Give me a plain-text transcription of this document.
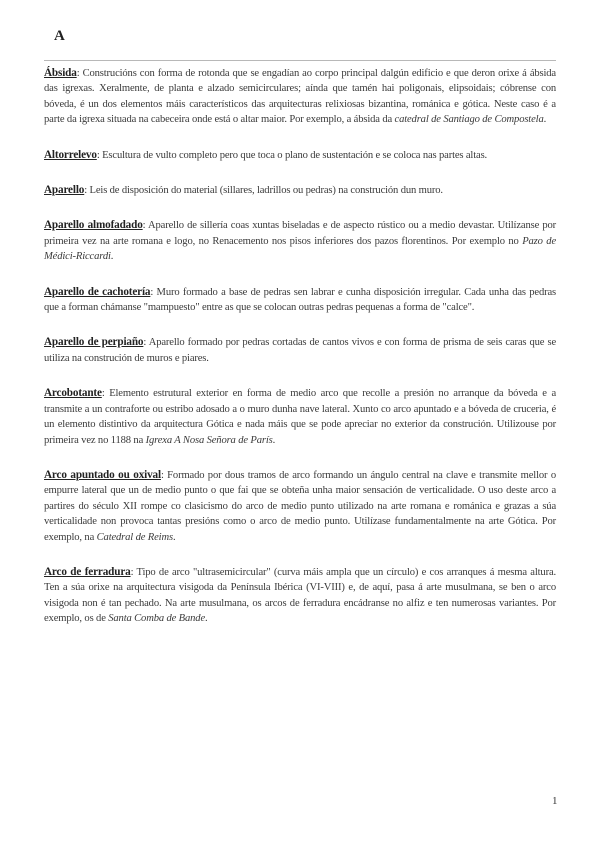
A

Ábsida: Construcións con forma de rotonda que se engadían ao corpo principal dalgún edificio e que deron orixe á ábsida das igrexas. Xeralmente, de planta e alzado semicirculares; aínda que tamén hai poligonais, elipsoidais; cóbrense con bóveda, é un dos elementos máis característicos das arquitecturas relixiosas bizantina, románica e gótica. Neste caso é a parte da igrexa situada na cabeceira onde está o altar maior. Por exemplo, a ábsida da catedral de Santiago de Compostela.

Altorrelevo: Escultura de vulto completo pero que toca o plano de sustentación e se coloca nas partes altas.

Aparello: Leis de disposición do material (sillares, ladrillos ou pedras) na construción dun muro.

Aparello almofadado: Aparello de sillería coas xuntas biseladas e de aspecto rústico ou a medio devastar. Utilízanse por primeira vez na arte romana e logo, no Renacemento nos pisos inferiores dos pazos florentinos. Por exemplo no Pazo de Médici-Riccardi.

Aparello de cachotería: Muro formado a base de pedras sen labrar e cunha disposición irregular. Cada unha das pedras que a forman chámanse "mampuesto" entre as que se colocan outras pedras pequenas a forma de "calce".

Aparello de perpiaño: Aparello formado por pedras cortadas de cantos vivos e con forma de prisma de seis caras que se utiliza na construción de muros e piares.

Arcobotante: Elemento estrutural exterior en forma de medio arco que recolle a presión no arranque da bóveda e a transmite a un contraforte ou estribo adosado a o muro dunha nave lateral. Xunto co arco apuntado e a bóveda de cruceria, é un elemento distintivo da arquitectura Gótica e nada máis que se pode apreciar no exterior da construción. Utilizouse por primeira vez no 1188 na Igrexa A Nosa Señora de París.

Arco apuntado ou oxival: Formado por dous tramos de arco formando un ángulo central na clave e transmite mellor o empurre lateral que un de medio punto o que fai que se obteña unha maior sensación de verticalidade. O uso deste arco a partires do século XII rompe co clasicismo do arco de medio punto utilizado na arte romana e románica e grazas a súa verticalidade non provoca tantas presións como o arco de medio punto. Utilízase fundamentalmente na arte Gótica. Por exemplo, na Catedral de Reims.

Arco de ferradura: Tipo de arco "ultrasemicircular" (curva máis ampla que un círculo) e cos arranques á mesma altura. Ten a súa orixe na arquitectura visigoda da Península Ibérica (VI-VIII) e, de aquí, pasa á arte musulmana, se ben o arco visigoda non é tan pechado. Na arte musulmana, os arcos de ferradura encádranse no alfiz e ten numerosas variantes. Por exemplo, os de Santa Comba de Bande.

1
